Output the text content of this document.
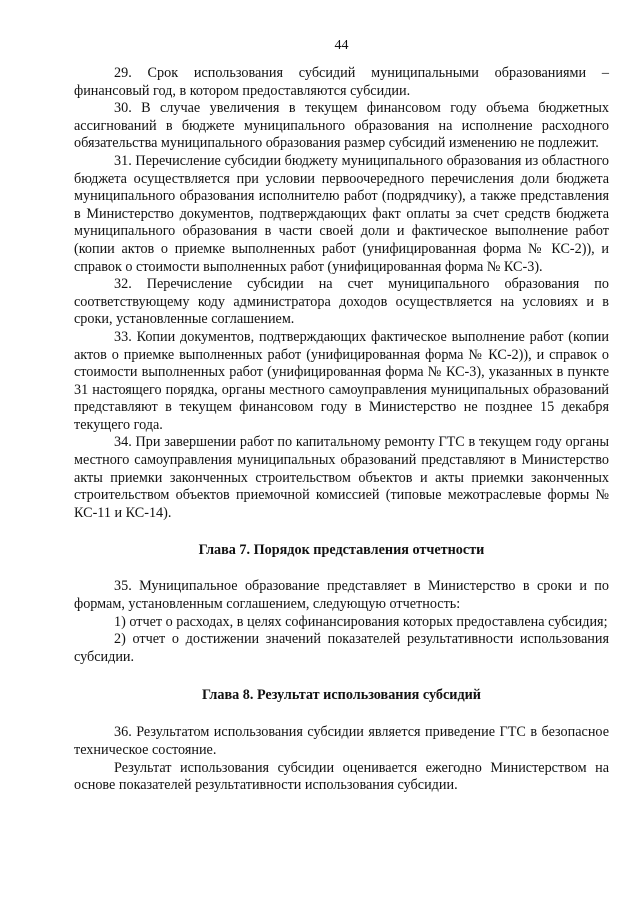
44

29. Срок использования субсидий муниципальными образованиями – финансовый год, в котором предоставляются субсидии.

30. В случае увеличения в текущем финансовом году объема бюджетных ассигнований в бюджете муниципального образования на исполнение расходного обязательства муниципального образования размер субсидий изменению не подлежит.

31. Перечисление субсидии бюджету муниципального образования из областного бюджета осуществляется при условии первоочередного перечисления доли бюджета муниципального образования исполнителю работ (подрядчику), а также представления в Министерство документов, подтверждающих факт оплаты за счет средств бюджета муниципального образования в части своей доли и фактическое выполнение работ (копии актов о приемке выполненных работ (унифицированная форма № КС-2)), и справок о стоимости выполненных работ (унифицированная форма № КС-3).

32. Перечисление субсидии на счет муниципального образования по соответствующему коду администратора доходов осуществляется на условиях и в сроки, установленные соглашением.

33. Копии документов, подтверждающих фактическое выполнение работ (копии актов о приемке выполненных работ (унифицированная форма № КС-2)), и справок о стоимости выполненных работ (унифицированная форма № КС-3), указанных в пункте 31 настоящего порядка, органы местного самоуправления муниципальных образований представляют в текущем финансовом году в Министерство не позднее 15 декабря текущего года.

34. При завершении работ по капитальному ремонту ГТС в текущем году органы местного самоуправления муниципальных образований представляют в Министерство акты приемки законченных строительством объектов и акты приемки законченных строительством объектов приемочной комиссией (типовые межотраслевые формы № КС-11 и КС-14).

Глава 7. Порядок представления отчетности

35. Муниципальное образование представляет в Министерство в сроки и по формам, установленным соглашением, следующую отчетность:

1) отчет о расходах, в целях софинансирования которых предоставлена субсидия;

2) отчет о достижении значений показателей результативности использования субсидии.

Глава 8. Результат использования субсидий

36. Результатом использования субсидии является приведение ГТС в безопасное техническое состояние.

Результат использования субсидии оценивается ежегодно Министерством на основе показателей результативности использования субсидии.
